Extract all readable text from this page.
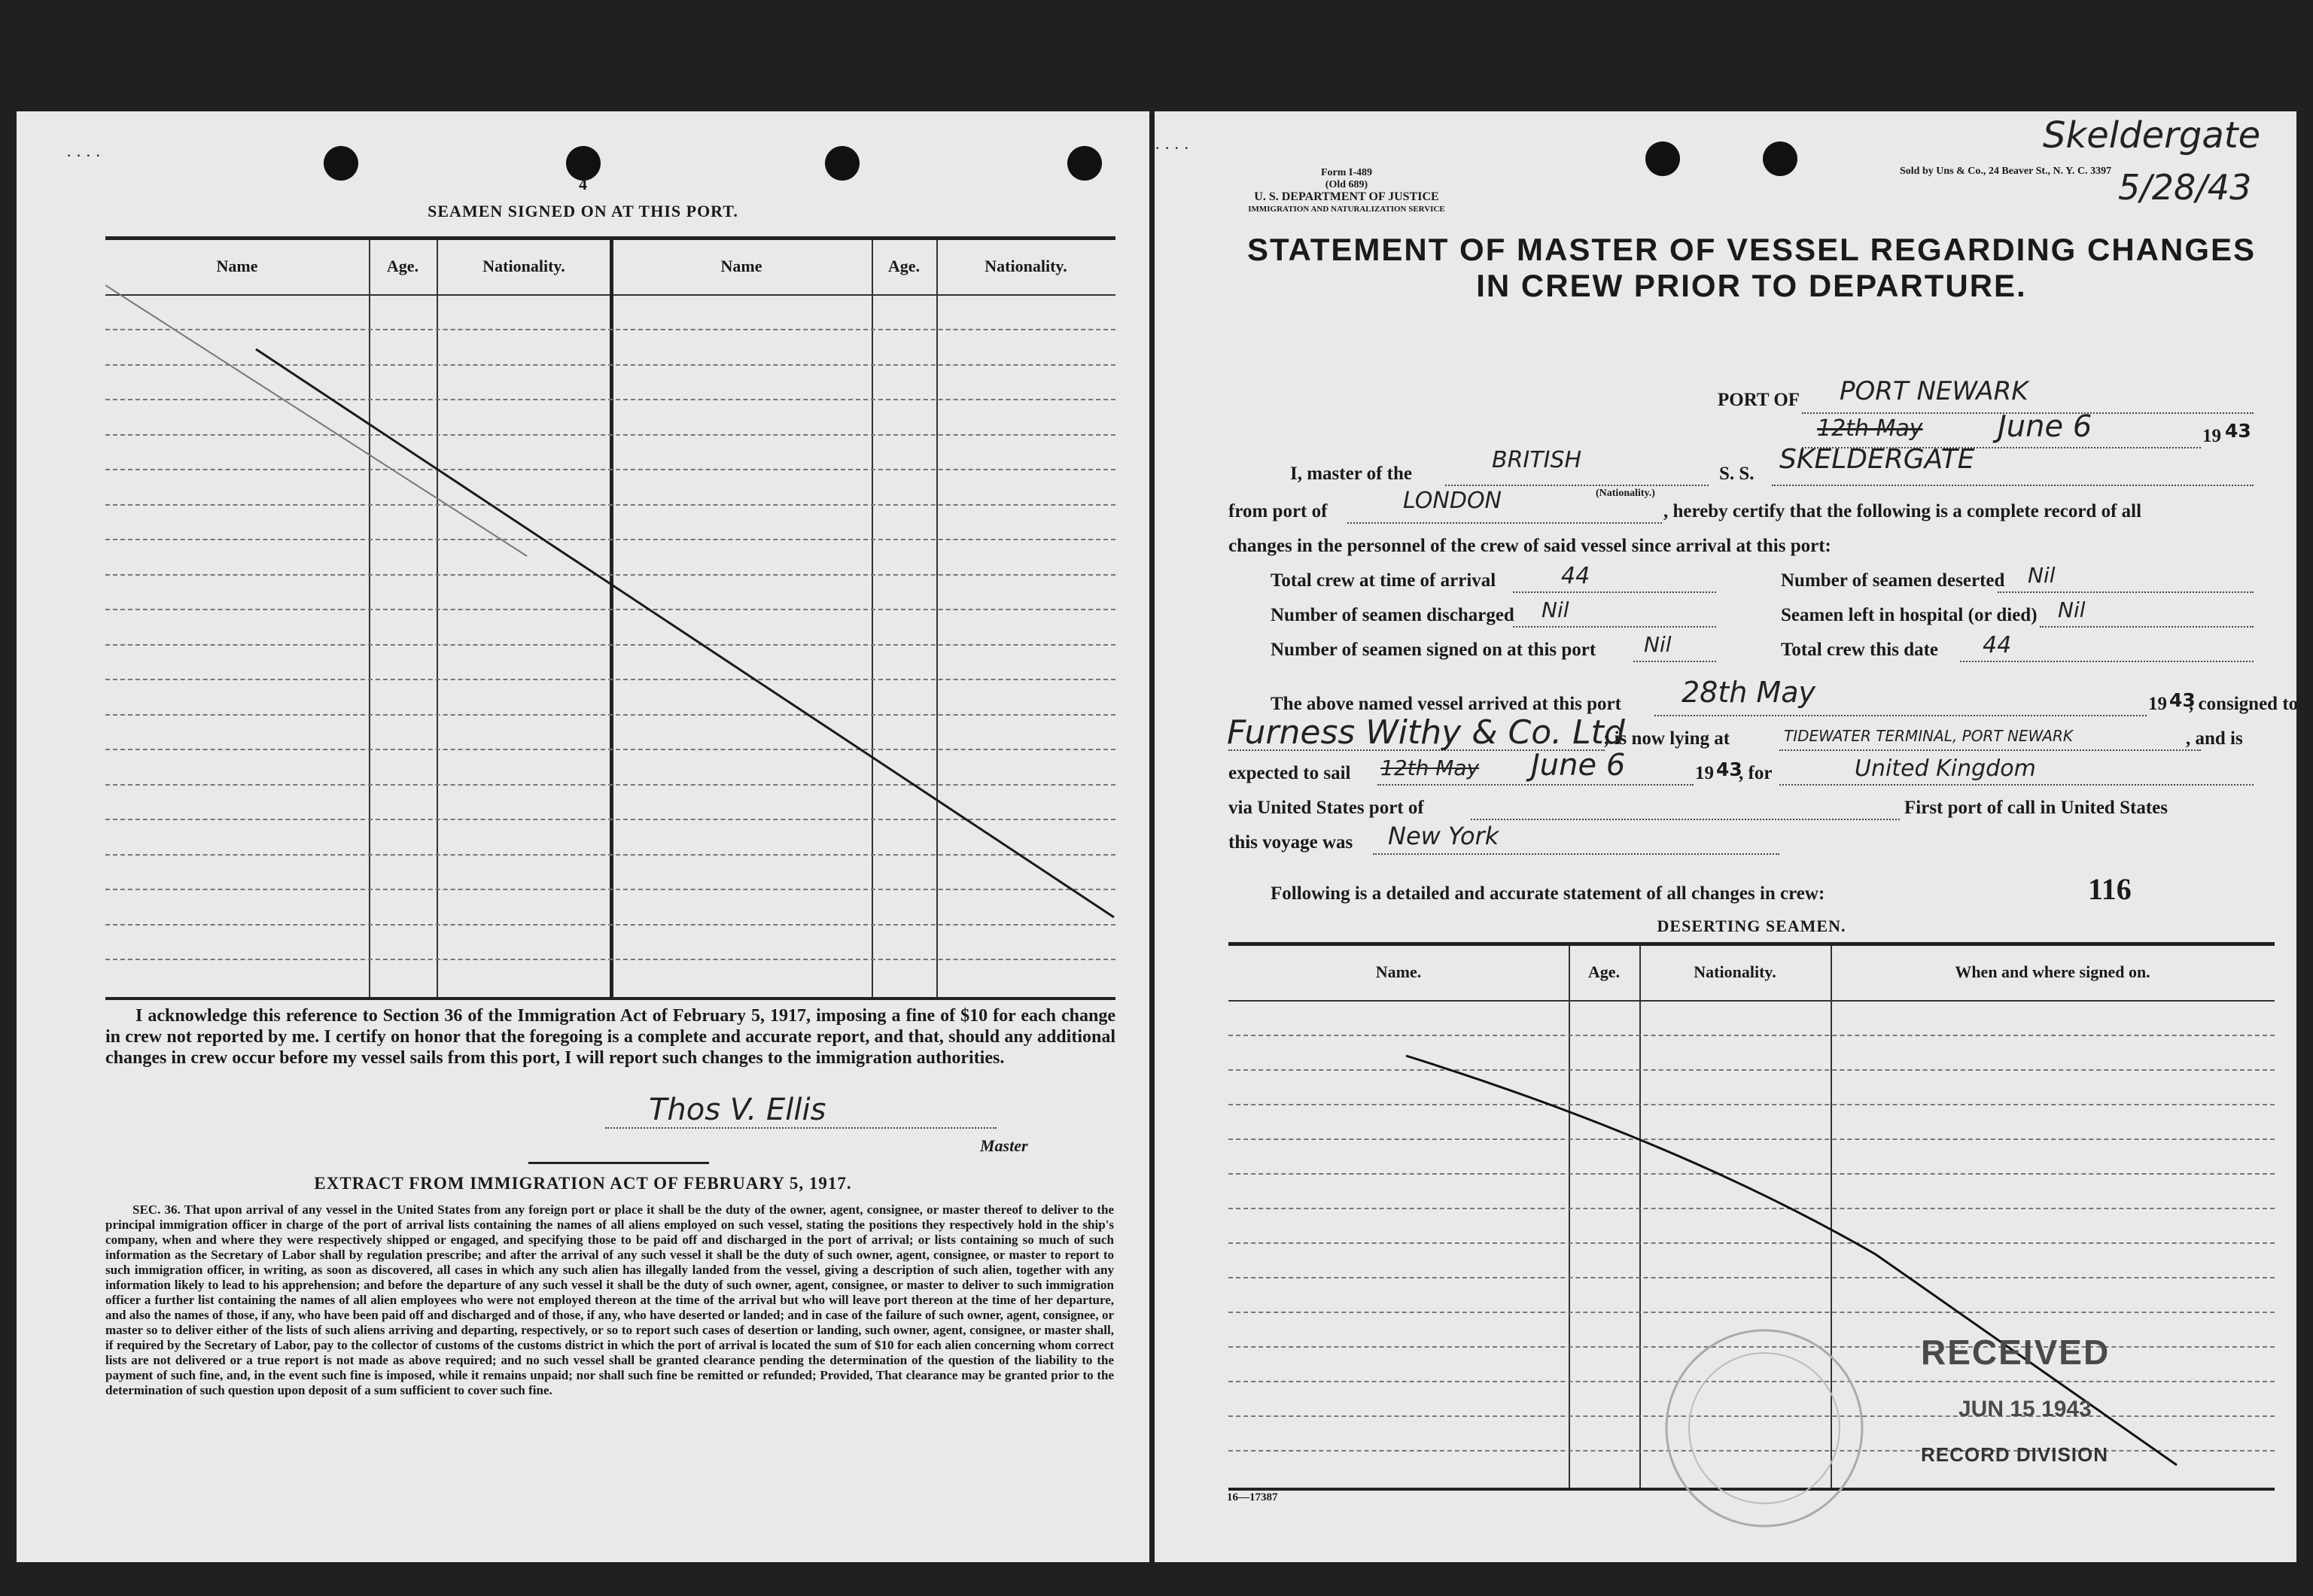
· · · ·
4
SEAMEN SIGNED ON AT THIS PORT.
Name	Age.	Nationality.	Name	Age.	Nationality.
I acknowledge this reference to Section 36 of the Immigration Act of February 5, 1917, imposing a fine of $10 for each change in crew not reported by me. I certify on honor that the foregoing is a complete and accurate report, and that, should any additional changes in crew occur before my vessel sails from this port, I will report such changes to the immigration authorities.
Thos V. Ellis
Master
EXTRACT FROM IMMIGRATION ACT OF FEBRUARY 5, 1917.
SEC. 36. That upon arrival of any vessel in the United States from any foreign port or place it shall be the duty of the owner, agent, consignee, or master thereof to deliver to the principal immigration officer in charge of the port of arrival lists containing the names of all aliens employed on such vessel, stating the positions they respectively hold in the ship's company, when and where they were respectively shipped or engaged, and specifying those to be paid off and discharged in the port of arrival; or lists containing so much of such information as the Secretary of Labor shall by regulation prescribe; and after the arrival of any such vessel it shall be the duty of such owner, agent, consignee, or master to report to such immigration officer, in writing, as soon as discovered, all cases in which any such alien has illegally landed from the vessel, giving a description of such alien, together with any information likely to lead to his apprehension; and before the departure of any such vessel it shall be the duty of such owner, agent, consignee, or master to deliver to such immigration officer a further list containing the names of all alien employees who were not employed thereon at the time of the arrival but who will leave port thereon at the time of her departure, and also the names of those, if any, who have been paid off and discharged and of those, if any, who have deserted or landed; and in case of the failure of such owner, agent, consignee, or master so to deliver either of the lists of such aliens arriving and departing, respectively, or so to report such cases of desertion or landing, such owner, agent, consignee, or master shall, if required by the Secretary of Labor, pay to the collector of customs of the customs district in which the port of arrival is located the sum of $10 for each alien concerning whom correct lists are not delivered or a true report is not made as above required; and no such vessel shall be granted clearance pending the determination of the question of the liability to the payment of such fine, and, in the event such fine is imposed, while it remains unpaid; nor shall such fine be remitted or refunded; Provided, That clearance may be granted prior to the determination of such question upon deposit of a sum sufficient to cover such fine.
· · · ·
Form I-489
(Old 689)
U. S. DEPARTMENT OF JUSTICE
IMMIGRATION AND NATURALIZATION SERVICE
Sold by Uns & Co., 24 Beaver St., N. Y. C. 3397
Skeldergate
5/28/43
STATEMENT OF MASTER OF VESSEL REGARDING CHANGES
IN CREW PRIOR TO DEPARTURE.
PORT OF PORT NEWARK
12th May June 6	19 43
I, master of the
BRITISH
(Nationality.)
S. S. SKELDERGATE
from port of	LONDON	, hereby certify that the following is a complete record of all
changes in the personnel of the crew of said vessel since arrival at this port:
Total crew at time of arrival	44	Number of seamen deserted Nil
Number of seamen discharged Nil	Seamen left in hospital (or died) Nil
Number of seamen signed on at this port Nil	Total crew this date 44
The above named vessel arrived at this port 28th May	19 43
, consigned to
Furness Withy & Co. Ltd
; is now lying at	TIDEWATER TERMINAL, PORT NEWARK	, and is
expected to sail 12th May June 6	19 43
, for	United Kingdom
via United States port of	First port of call in United States
this voyage was New York
Following is a detailed and accurate statement of all changes in crew:	116
DESERTING SEAMEN.
Name.	Age.	Nationality.	When and where signed on.
RECEIVED
JUN 15 1943
RECORD DIVISION
16—17387
